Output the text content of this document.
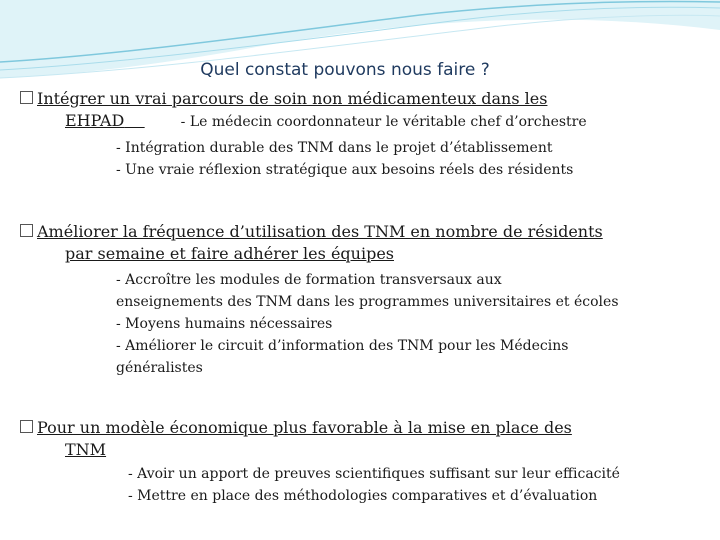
Quel constat pouvons nous faire ?
Intégrer un vrai parcours de soin non médicamenteux dans les
EHPAD	- Le médecin coordonnateur le véritable chef d’orchestre
- Intégration durable des TNM dans le projet d’établissement
- Une vraie réflexion stratégique aux besoins réels des résidents
Améliorer la fréquence d’utilisation des TNM en nombre de résidents
par semaine et faire adhérer les équipes
- Accroître les modules de formation transversaux aux
enseignements des TNM dans les programmes universitaires et écoles
- Moyens humains nécessaires
- Améliorer le circuit d’information des TNM pour les Médecins
généralistes
Pour un modèle économique plus favorable à la mise en place des
TNM
- Avoir un apport de preuves scientifiques suffisant sur leur efficacité
- Mettre en place des méthodologies comparatives et d’évaluation
